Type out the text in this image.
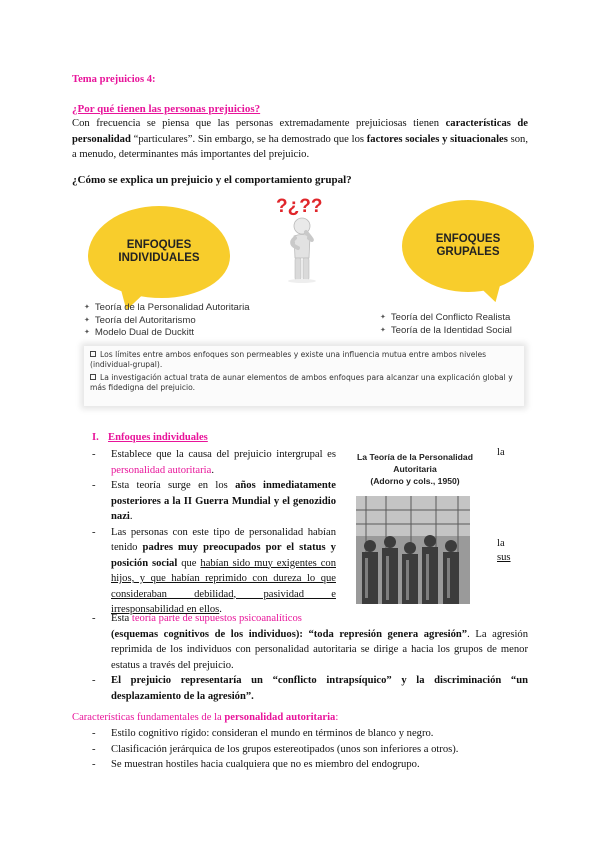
Tema prejuicios 4:
¿Por qué tienen las personas prejuicios?

Con frecuencia se piensa que las personas extremadamente prejuiciosas tienen características de personalidad “particulares”. Sin embargo, se ha demostrado que los factores sociales y situacionales son, a menudo, determinantes más importantes del prejuicio.

¿Cómo se explica un prejuicio y el comportamiento grupal?
ENFOQUES
INDIVIDUALES
ENFOQUES
GRUPALES
?¿??
✦ Teoría de la Personalidad Autoritaria
✦ Teoría del Autoritarismo
✦ Modelo Dual de Duckitt
✦ Teoría del Conflicto Realista
✦ Teoría de la Identidad Social

Los límites entre ambos enfoques son permeables y existe una influencia mutua entre ambos niveles (individual-grupal).

La investigación actual trata de aunar elementos de ambos enfoques para alcanzar una explicación global y más fidedigna del prejuicio.

I. Enfoques individuales
- Establece que la causa del prejuicio intergrupal es personalidad autoritaria.
- Esta teoría surge en los años inmediatamente posteriores a la II Guerra Mundial y el genozidio nazi.
- Las personas con este tipo de personalidad habían tenido padres muy preocupados por el status y posición social que habían sido muy exigentes con hijos, y que habían reprimido con dureza lo que consideraban debilidad, pasividad e irresponsabilidad en ellos.
La Teoría de la Personalidad
Autoritaria
(Adorno y cols., 1950)
la
la
sus
- Esta teoría parte de supuestos psicoanalíticos
(esquemas cognitivos de los individuos): “toda represión genera agresión”. La agresión reprimida de los individuos con personalidad autoritaria se dirige a hacia los grupos de menor estatus a través del prejuicio.
- El prejuicio representaría un “conflicto intrapsíquico” y la discriminación “un desplazamiento de la agresión”.
Características fundamentales de la personalidad autoritaria:
- Estilo cognitivo rígido: consideran el mundo en términos de blanco y negro.
- Clasificación jerárquica de los grupos estereotipados (unos son inferiores a otros).
- Se muestran hostiles hacia cualquiera que no es miembro del endogrupo.
